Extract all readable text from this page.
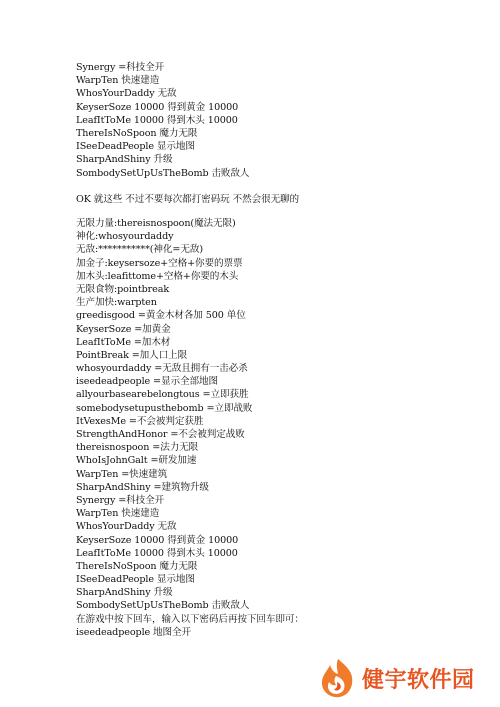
Synergy =科技全开
WarpTen 快速建造
WhosYourDaddy 无敌
KeyserSoze 10000 得到黄金 10000
LeafItToMe 10000 得到木头 10000
ThereIsNoSpoon 魔力无限
ISeeDeadPeople 显示地图
SharpAndShiny 升级
SombodySetUpUsTheBomb 击败敌人
OK 就这些 不过不要每次都打密码玩 不然会很无聊的
无限力量:thereisnospoon(魔法无限)
神化:whosyourdaddy
无敌:***********(神化=无敌)
加金子:keysersoze+空格+你要的票票
加木头:leafittome+空格+你要的木头
无限食物:pointbreak
生产加快:warpten
greedisgood =黄金木材各加 500 单位
KeyserSoze =加黄金
LeafItToMe =加木材
PointBreak =加人口上限
whosyourdaddy =无敌且拥有一击必杀
iseedeadpeople =显示全部地图
allyourbasearebelongtous =立即获胜
somebodysetupusthebomb =立即战败
ItVexesMe =不会被判定获胜
StrengthAndHonor =不会被判定战败
thereisnospoon =法力无限
WhoIsJohnGalt =研发加速
WarpTen =快速建筑
SharpAndShiny =建筑物升级
Synergy =科技全开
WarpTen 快速建造
WhosYourDaddy 无敌
KeyserSoze 10000 得到黄金 10000
LeafItToMe 10000 得到木头 10000
ThereIsNoSpoon 魔力无限
ISeeDeadPeople 显示地图
SharpAndShiny 升级
SombodySetUpUsTheBomb 击败敌人
在游戏中按下回车，输入以下密码后再按下回车即可：
iseedeadpeople 地图全开
健宇软件园
